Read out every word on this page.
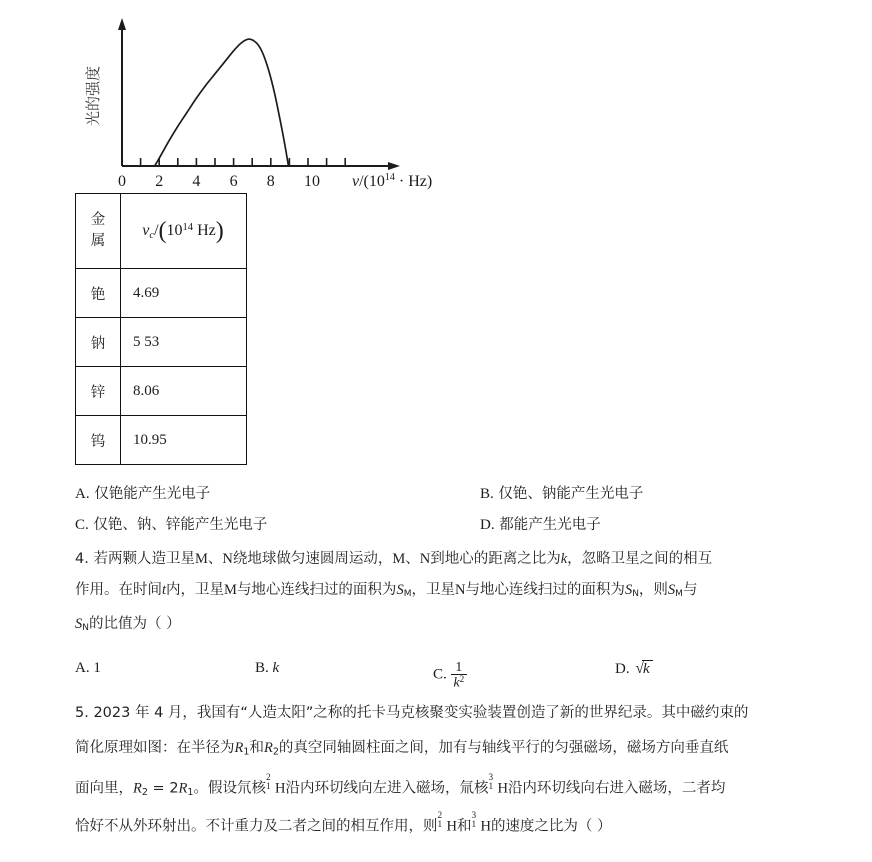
光的强度
0 2 4 6 8 10 $\nu/(10^{14} \cdot Hz)$
金
属	$\nu_c/(10^{14}$ Hz)
铯	4.69
钠	5 53
锌	8.06
钨	10.95
A. 仅铯能产生光电子	B. 仅铯、钠能产生光电子
C. 仅铯、钠、锌能产生光电子	D. 都能产生光电子
4. 若两颗人造卫星M、N绕地球做匀速圆周运动，M、N到地心的距离之比为k，忽略卫星之间的相互
作用。在时间t内，卫星M与地心连线扫过的面积为SM，卫星N与地心连线扫过的面积为SN，则SM与
SN的比值为（ ）
A. 1	B. k	C. $\frac{1}{k^2}$	D. √k
5. 2023 年 4 月，我国有“人造太阳”之称的托卡马克核聚变实验装置创造了新的世界纪录。其中磁约束的
简化原理如图：在半径为$R_1$和$R_2$的真空同轴圆柱面之间，加有与轴线平行的匀强磁场，磁场方向垂直纸
面向里，$R_2 = 2R_1$。假设氘核
2
1 H沿内环切线向左进入磁场，氚核
3
1 H沿内环切线向右进入磁场，二者均
恰好不从外环射出。不计重力及二者之间的相互作用，则
2
1 H和
3
1 H的速度之比为（ ）
